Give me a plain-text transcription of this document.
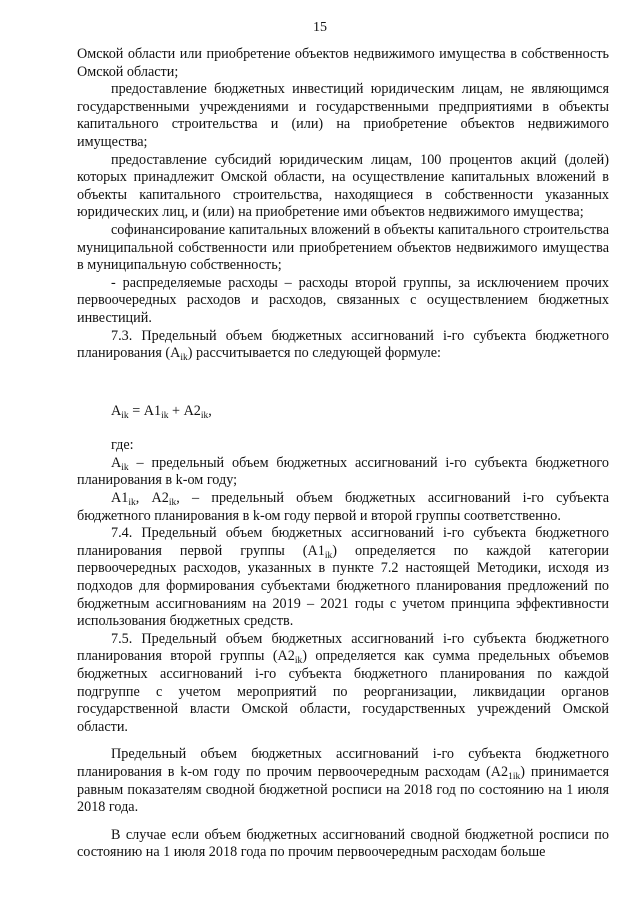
15

Омской области или приобретение объектов недвижимого имущества в собственность Омской области;

предоставление бюджетных инвестиций юридическим лицам, не являющимся государственными учреждениями и государственными предприятиями в объекты капитального строительства и (или) на приобретение объектов недвижимого имущества;

предоставление субсидий юридическим лицам, 100 процентов акций (долей) которых принадлежит Омской области, на осуществление капитальных вложений в объекты капитального строительства, находящиеся в собственности указанных юридических лиц, и (или) на приобретение ими объектов недвижимого имущества;

софинансирование капитальных вложений в объекты капитального строительства муниципальной собственности или приобретением объектов недвижимого имущества в муниципальную собственность;

- распределяемые расходы – расходы второй группы, за исключением прочих первоочередных расходов и расходов, связанных с осуществлением бюджетных инвестиций.

7.3. Предельный объем бюджетных ассигнований i-го субъекта бюджетного планирования $(А_{ik})$ рассчитывается по следующей формуле:

$А_{ik} = А1_{ik} + А2_{ik}$,

где:

$А_{ik}$ – предельный объем бюджетных ассигнований i-го субъекта бюджетного планирования в k-ом году;

$А1_{ik}$, $А2_{ik}$, – предельный объем бюджетных ассигнований i-го субъекта бюджетного планирования в k-ом году первой и второй группы соответственно.

7.4. Предельный объем бюджетных ассигнований i-го субъекта бюджетного планирования первой группы $(А1_{ik})$ определяется по каждой категории первоочередных расходов, указанных в пункте 7.2 настоящей Методики, исходя из подходов для формирования субъектами бюджетного планирования предложений по бюджетным ассигнованиям на 2019 – 2021 годы с учетом принципа эффективности использования бюджетных средств.

7.5. Предельный объем бюджетных ассигнований i-го субъекта бюджетного планирования второй группы $(А2_{ik})$ определяется как сумма предельных объемов бюджетных ассигнований i-го субъекта бюджетного планирования по каждой подгруппе с учетом мероприятий по реорганизации, ликвидации органов государственной власти Омской области, государственных учреждений Омской области.

Предельный объем бюджетных ассигнований i-го субъекта бюджетного планирования в k-ом году по прочим первоочередным расходам $(А2_{1ik})$ принимается равным показателям сводной бюджетной росписи на 2018 год по состоянию на 1 июля 2018 года.

В случае если объем бюджетных ассигнований сводной бюджетной росписи по состоянию на 1 июля 2018 года по прочим первоочередным расходам больше
